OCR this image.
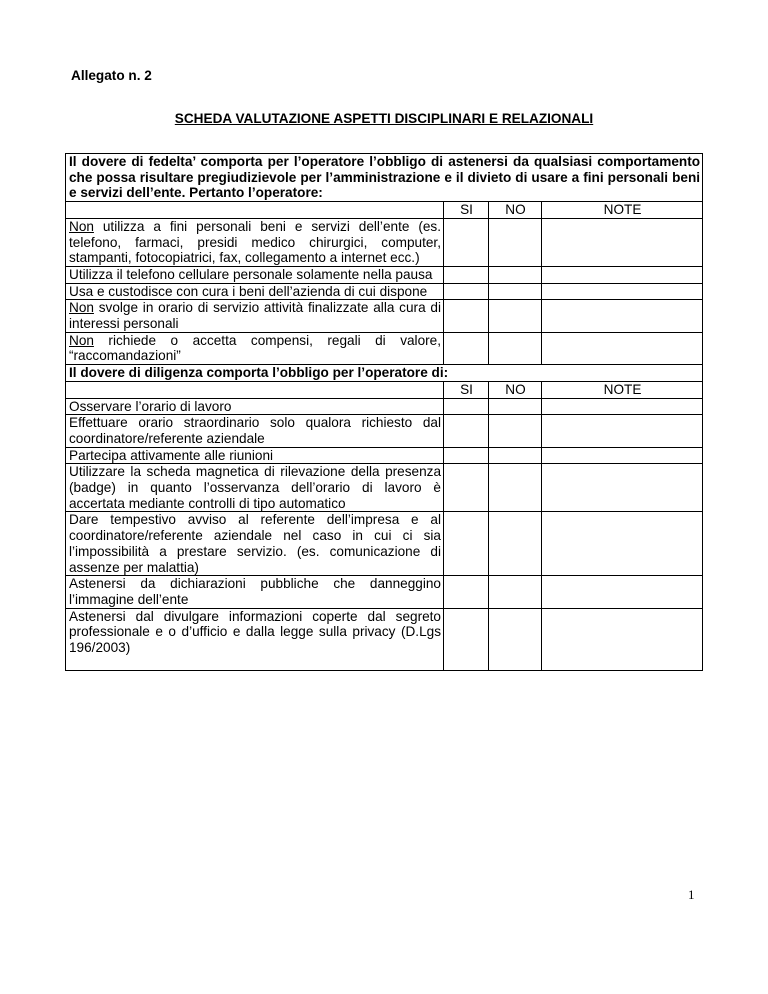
Allegato n. 2
SCHEDA VALUTAZIONE ASPETTI DISCIPLINARI E RELAZIONALI
Il dovere di fedelta’ comporta per l’operatore l’obbligo di astenersi da qualsiasi comportamento che possa risultare pregiudizievole per l’amministrazione e il divieto di usare a fini personali beni e servizi dell’ente. Pertanto l’operatore:			
	SI	NO	NOTE
Non utilizza a fini personali beni e servizi dell’ente (es. telefono, farmaci, presidi medico chirurgici, computer, stampanti, fotocopiatrici, fax, collegamento a internet ecc.)			
Utilizza il telefono cellulare personale solamente nella pausa			
Usa e custodisce con cura i beni dell’azienda di cui dispone			
Non svolge in orario di servizio attività finalizzate alla cura di interessi personali			
Non richiede o accetta compensi, regali di valore, “raccomandazioni”			
Il dovere di diligenza comporta l’obbligo per l’operatore di:			
	SI	NO	NOTE
Osservare l’orario di lavoro			
Effettuare orario straordinario solo qualora richiesto dal coordinatore/referente aziendale			
Partecipa attivamente alle riunioni			
Utilizzare la scheda magnetica di rilevazione della presenza (badge) in quanto l’osservanza dell’orario di lavoro è accertata mediante controlli di tipo automatico			
Dare tempestivo avviso al referente dell’impresa e al coordinatore/referente aziendale nel caso in cui ci sia l’impossibilità a prestare servizio. (es. comunicazione di assenze per malattia)			
Astenersi da dichiarazioni pubbliche che danneggino l’immagine dell’ente			
Astenersi dal divulgare informazioni coperte dal segreto professionale e o d’ufficio e dalla legge sulla privacy (D.Lgs 196/2003)			
1
